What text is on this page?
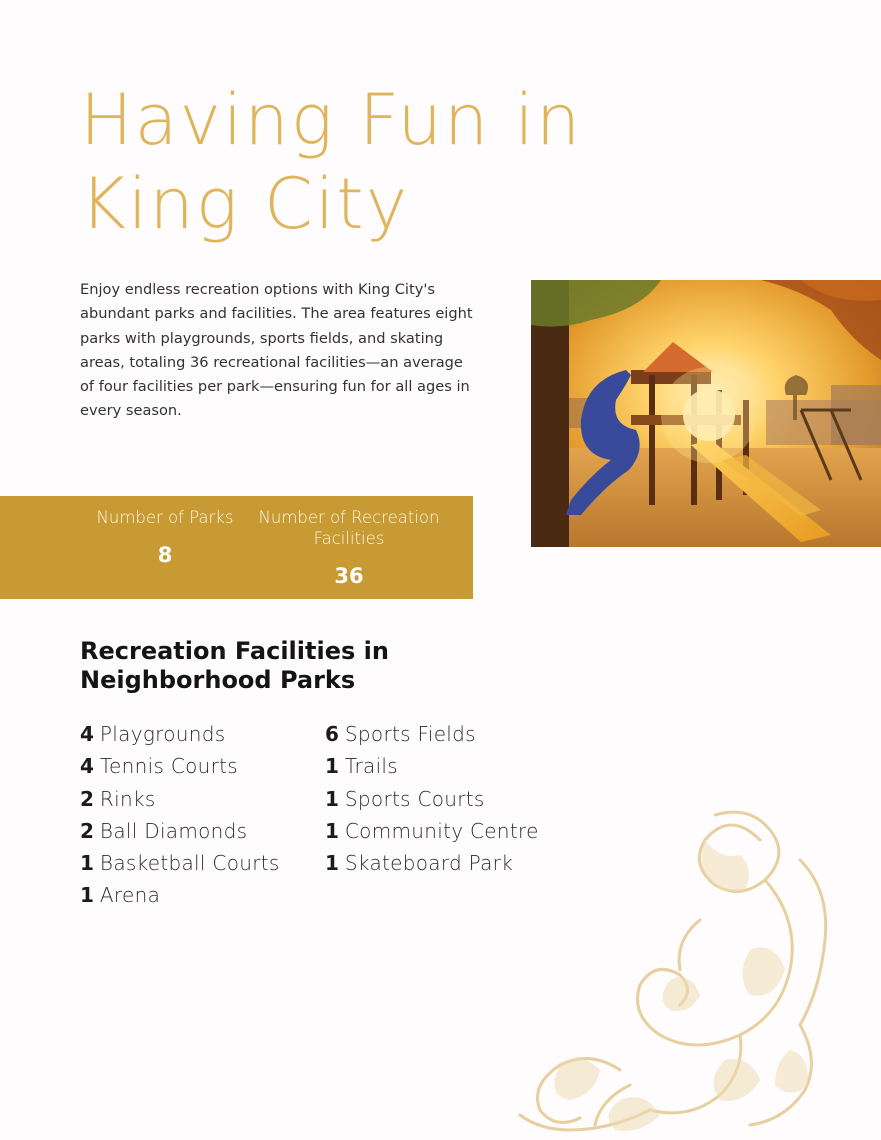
Having Fun in King City

Enjoy endless recreation options with King City's abundant parks and facilities. The area features eight parks with playgrounds, sports fields, and skating areas, totaling 36 recreational facilities—an average of four facilities per park—ensuring fun for all ages in every season.

Number of Parks
8
Number of Recreation Facilities
36
Recreation Facilities in Neighborhood Parks
4 Playgrounds
4 Tennis Courts
2 Rinks
2 Ball Diamonds
1 Basketball Courts
1 Arena
6 Sports Fields
1 Trails
1 Sports Courts
1 Community Centre
1 Skateboard Park
